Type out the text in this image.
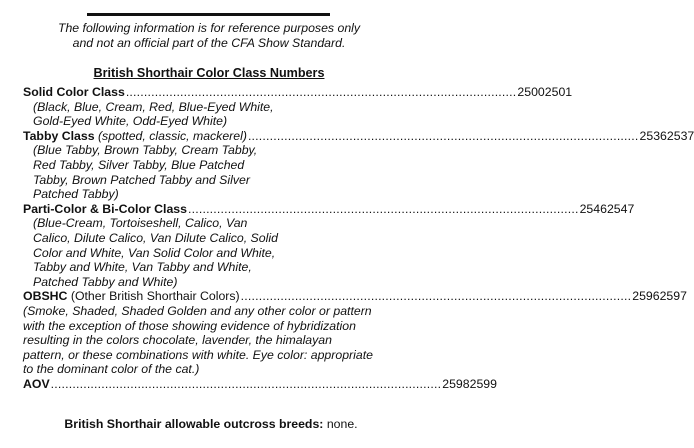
The following information is for reference purposes only
and not an official part of the CFA Show Standard.
British Shorthair Color Class Numbers
Solid Color Class ............................................................................................................ 2500 2501
(Black, Blue, Cream, Red, Blue-Eyed White,
Gold-Eyed White, Odd-Eyed White)
Tabby Class
(spotted, classic, mackerel) ............................................................................................................ 2536 2537
(Blue Tabby, Brown Tabby, Cream Tabby,
Red Tabby, Silver Tabby, Blue Patched
Tabby, Brown Patched Tabby and Silver
Patched Tabby)
Parti-Color & Bi-Color Class ............................................................................................................ 2546 2547
(Blue-Cream, Tortoiseshell, Calico, Van
Calico, Dilute Calico, Van Dilute Calico, Solid
Color and White, Van Solid Color and White,
Tabby and White, Van Tabby and White,
Patched Tabby and White)
OBSHC
(Other British Shorthair Colors) ............................................................................................................ 2596 2597
(Smoke, Shaded, Shaded Golden and any other color or pattern
with the exception of those showing evidence of hybridization
resulting in the colors chocolate, lavender, the himalayan
pattern, or these combinations with white. Eye color: appropriate
to the dominant color of the cat.)
AOV ............................................................................................................ 2598 2599
British Shorthair allowable outcross breeds: none.
